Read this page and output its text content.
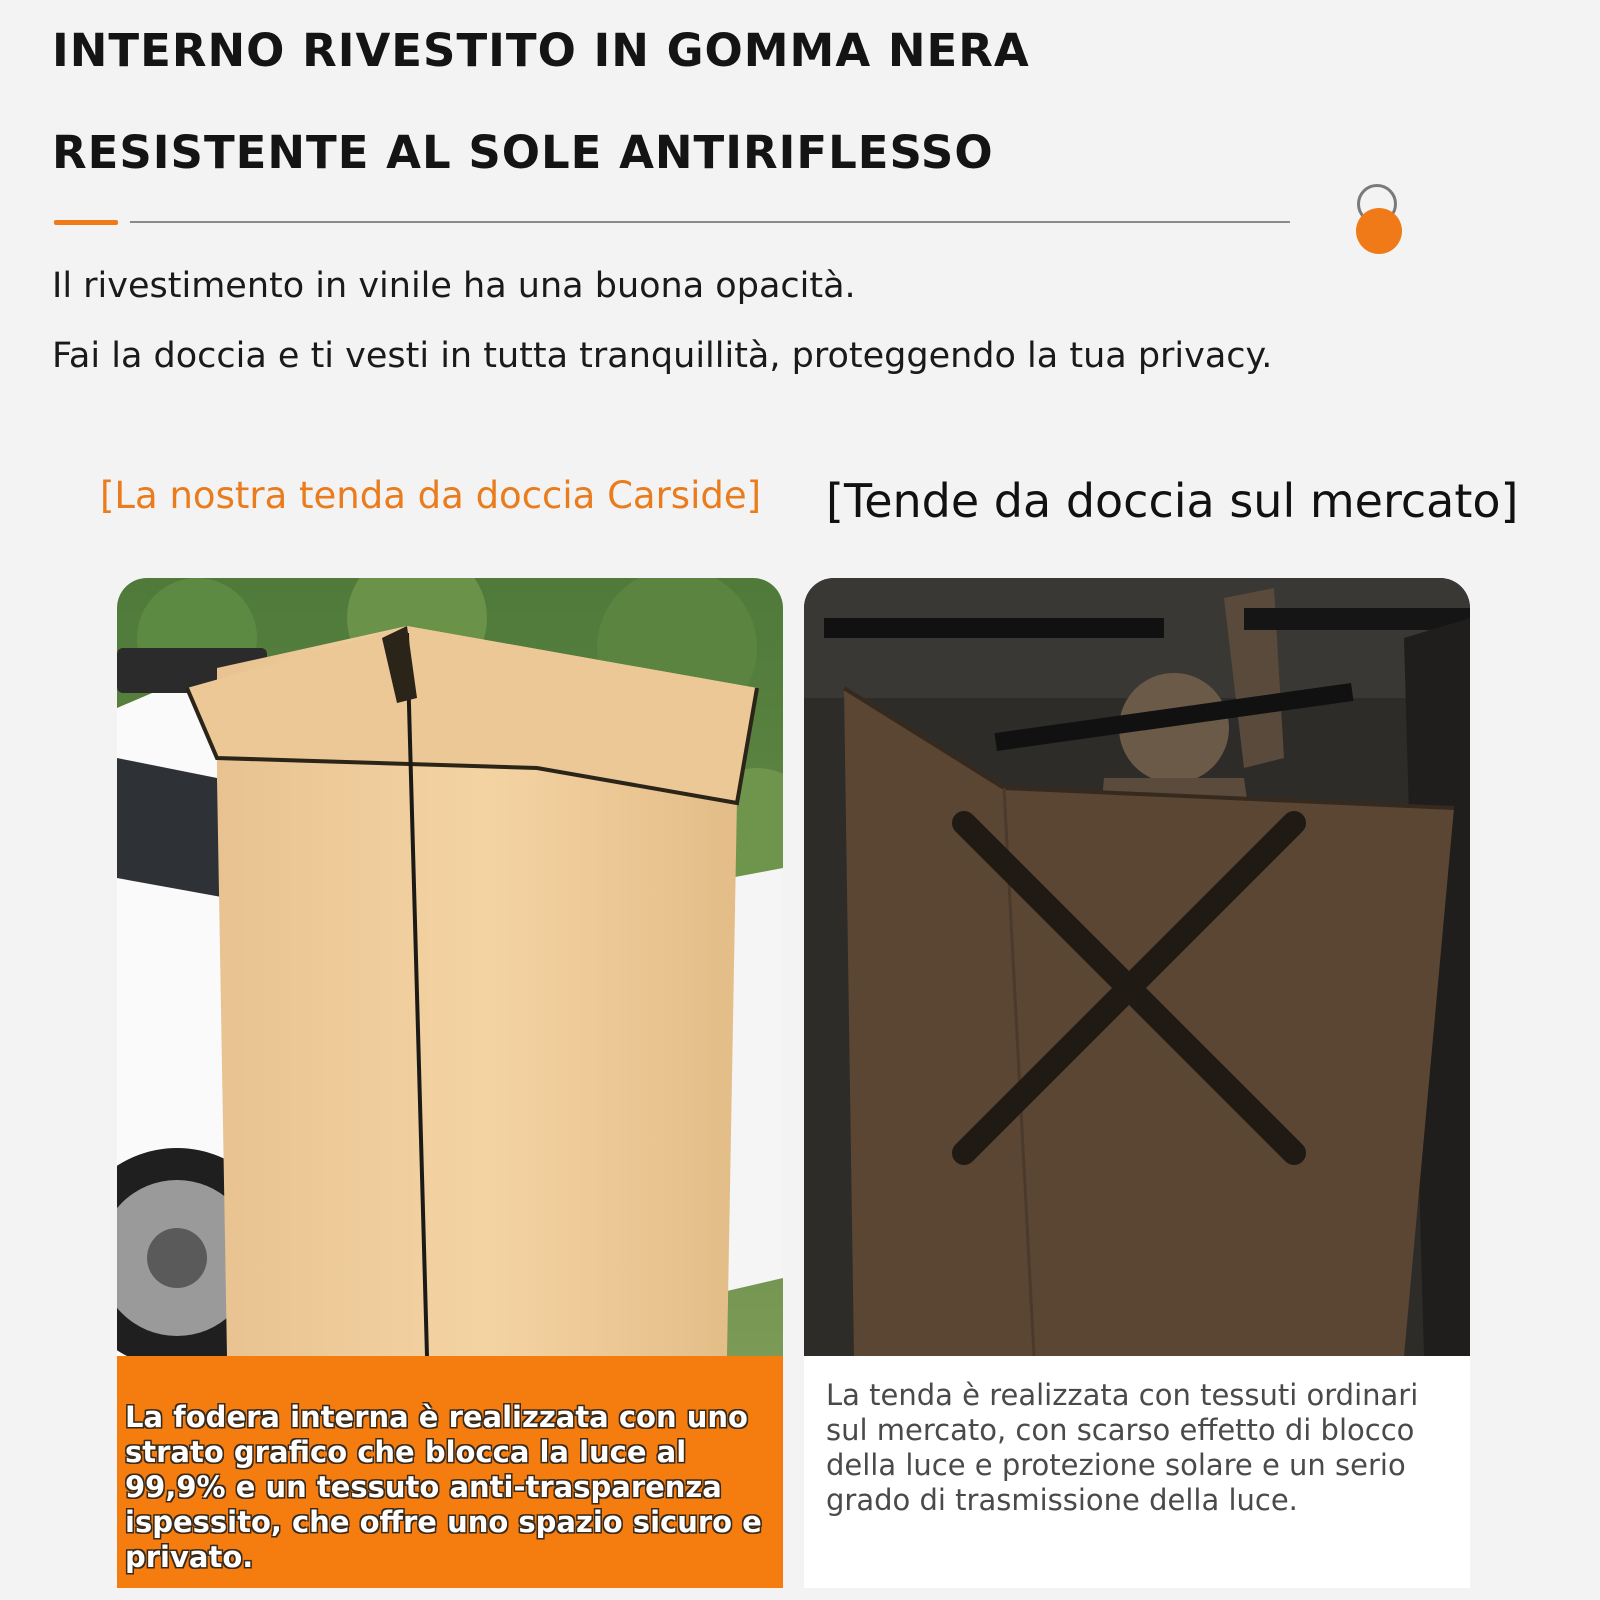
INTERNO RIVESTITO IN GOMMA NERA
RESISTENTE AL SOLE ANTIRIFLESSO
Il rivestimento in vinile ha una buona opacità.
Fai la doccia e ti vesti in tutta tranquillità, proteggendo la tua privacy.
[La nostra tenda da doccia Carside] [Tende da doccia sul mercato]
La fodera interna è realizzata con uno strato grafico che blocca la luce al 99,9% e un tessuto anti-trasparenza ispessito, che offre uno spazio sicuro e privato.
La tenda è realizzata con tessuti ordinari sul mercato, con scarso effetto di blocco della luce e protezione solare e un serio grado di trasmissione della luce.
